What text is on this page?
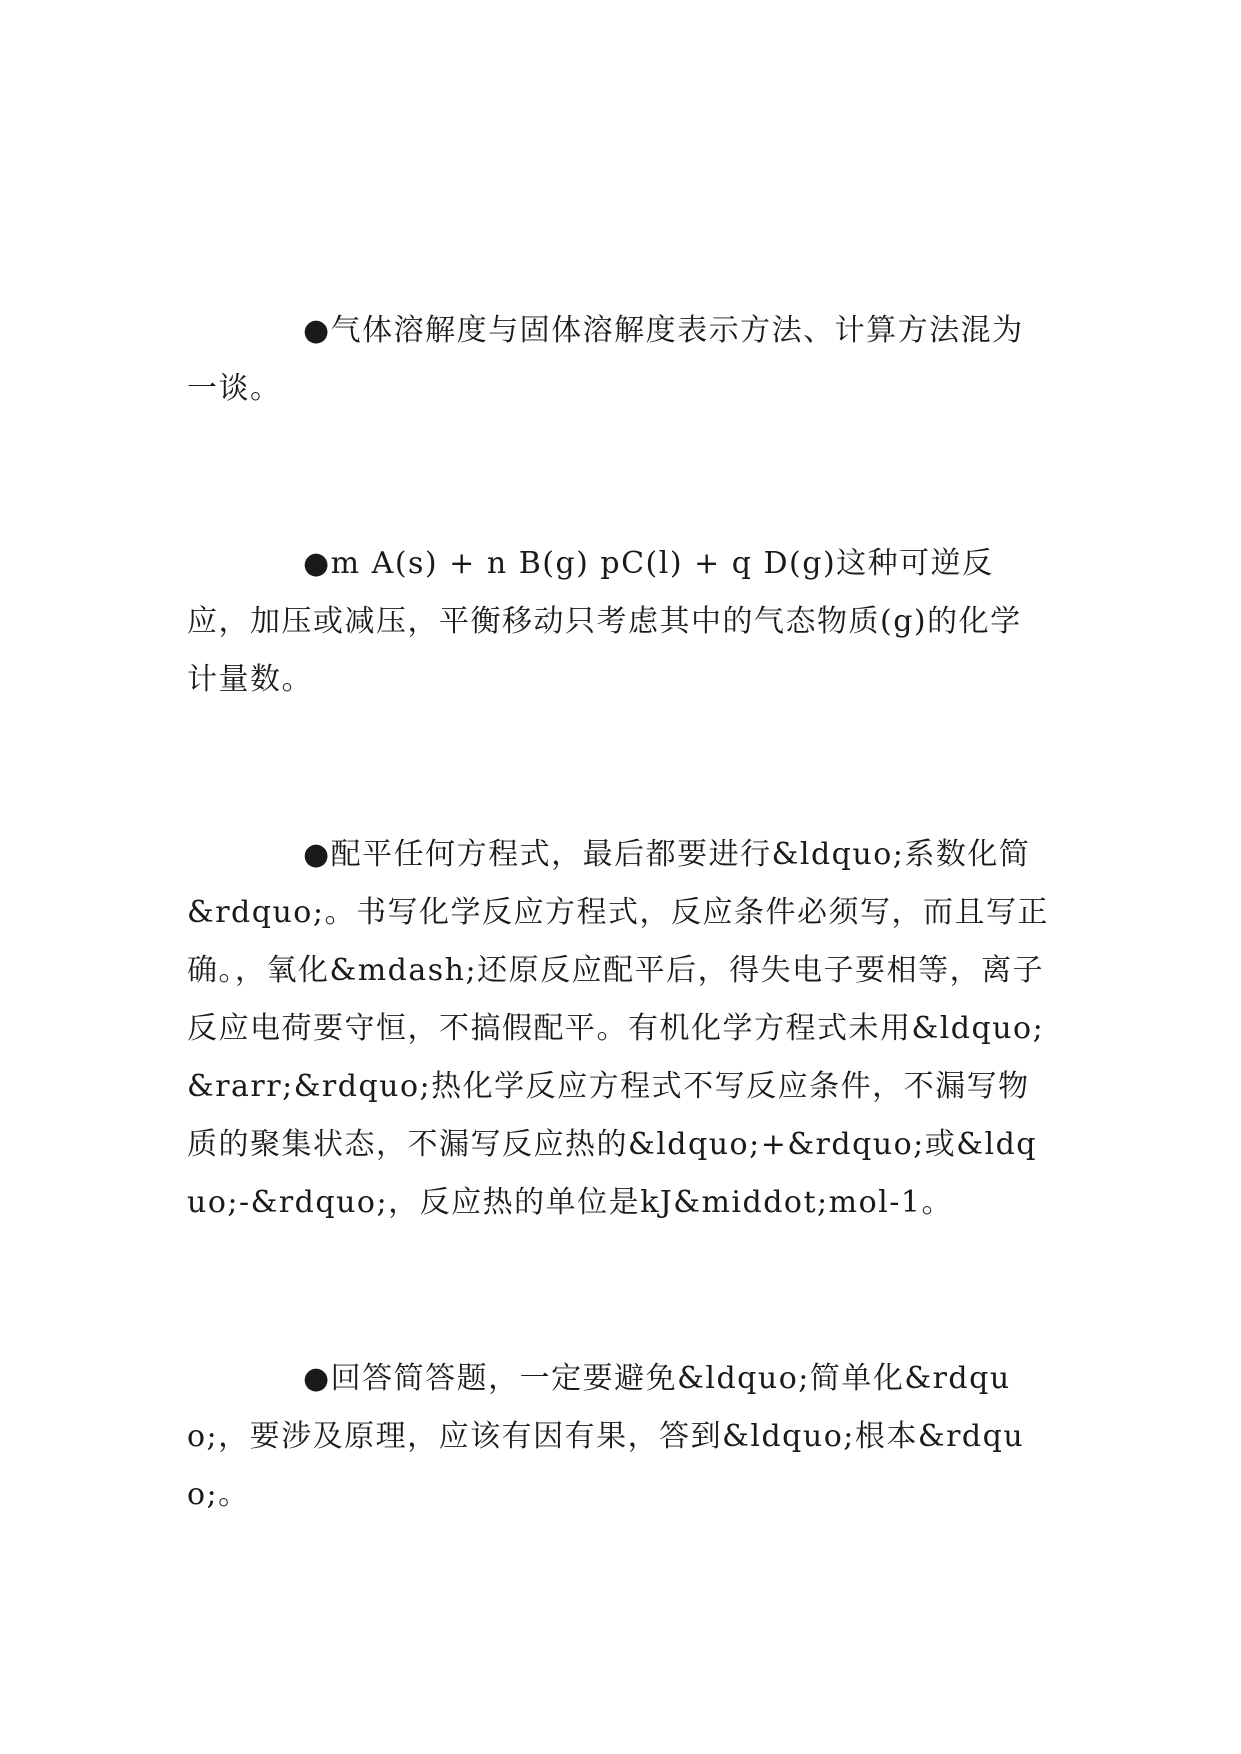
●气体溶解度与固体溶解度表示方法、计算方法混为一谈。

●m A(s) + n B(g) pC(l) + q D(g)这种可逆反应，加压或减压，平衡移动只考虑其中的气态物质(g)的化学计量数。

●配平任何方程式，最后都要进行&ldquo;系数化简&rdquo;。书写化学反应方程式，反应条件必须写，而且写正确。，氧化&mdash;还原反应配平后，得失电子要相等，离子反应电荷要守恒，不搞假配平。有机化学方程式未用&ldquo;&rarr;&rdquo;热化学反应方程式不写反应条件，不漏写物质的聚集状态，不漏写反应热的&ldquo;+&rdquo;或&ldquo;-&rdquo;，反应热的单位是kJ&middot;mol-1。

●回答简答题，一定要避免&ldquo;简单化&rdquo;，要涉及原理，应该有因有果，答到&ldquo;根本&rdquo;。
